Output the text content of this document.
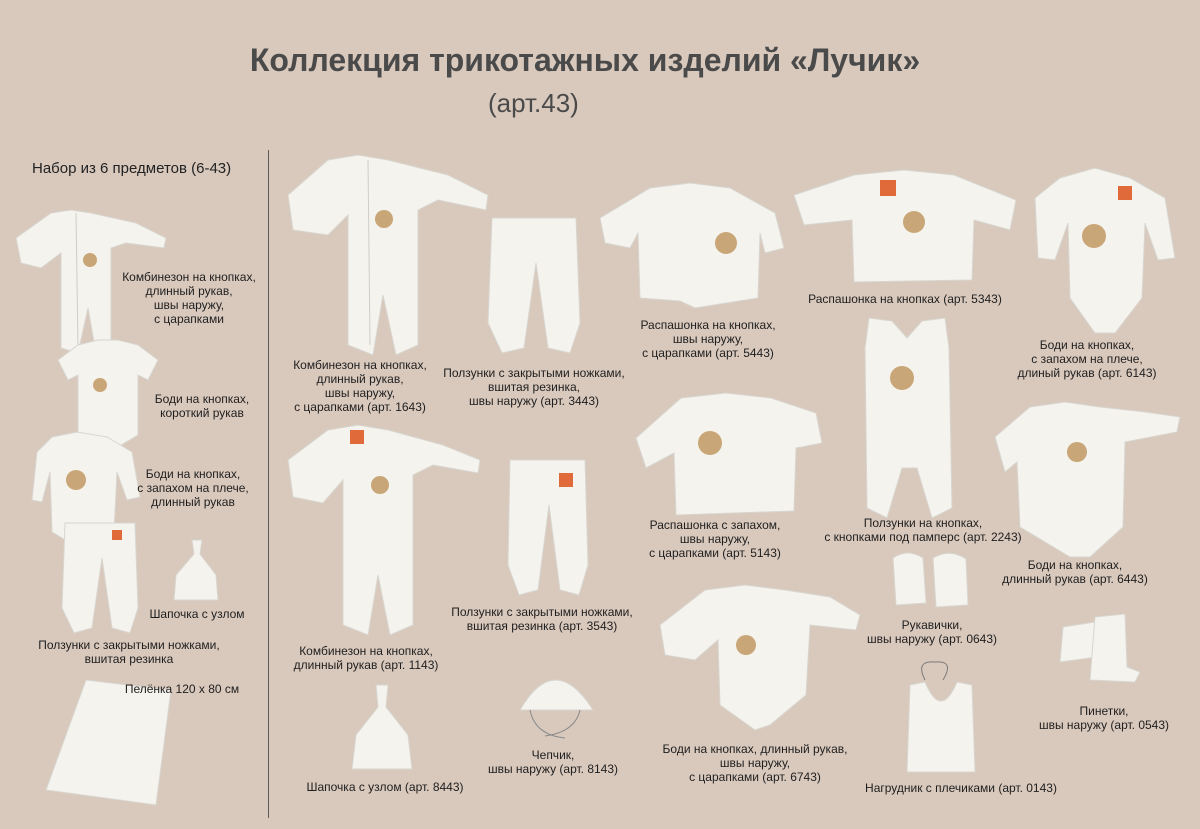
Коллекция трикотажных изделий «Лучик»
(арт.43)
Набор из 6 предметов (6-43)
Комбинезон на кнопках,
длинный рукав,
швы наружу,
с царапками
Боди на кнопках,
короткий рукав
Боди на кнопках,
с запахом на плече,
длинный рукав
Шапочка с узлом
Ползунки с закрытыми ножками,
вшитая резинка
Пелёнка 120 х 80 см
Комбинезон на кнопках,
длинный рукав,
швы наружу,
с царапками (арт. 1643)
Ползунки с закрытыми ножками,
вшитая резинка,
швы наружу (арт. 3443)
Распашонка на кнопках,
швы наружу,
с царапками (арт. 5443)
Распашонка на кнопках (арт. 5343)
Боди на кнопках,
с запахом на плече,
длиный рукав (арт. 6143)
Комбинезон на кнопках,
длинный рукав (арт. 1143)
Ползунки с закрытыми ножками,
вшитая резинка (арт. 3543)
Распашонка с запахом,
швы наружу,
с царапками (арт. 5143)
Ползунки на кнопках,
с кнопками под памперс (арт. 2243)
Боди на кнопках,
длинный рукав (арт. 6443)
Рукавички,
швы наружу (арт. 0643)
Пинетки,
швы наружу (арт. 0543)
Шапочка с узлом (арт. 8443)
Чепчик,
швы наружу (арт. 8143)
Боди на кнопках, длинный рукав,
швы наружу,
с царапками (арт. 6743)
Нагрудник с плечиками (арт. 0143)
